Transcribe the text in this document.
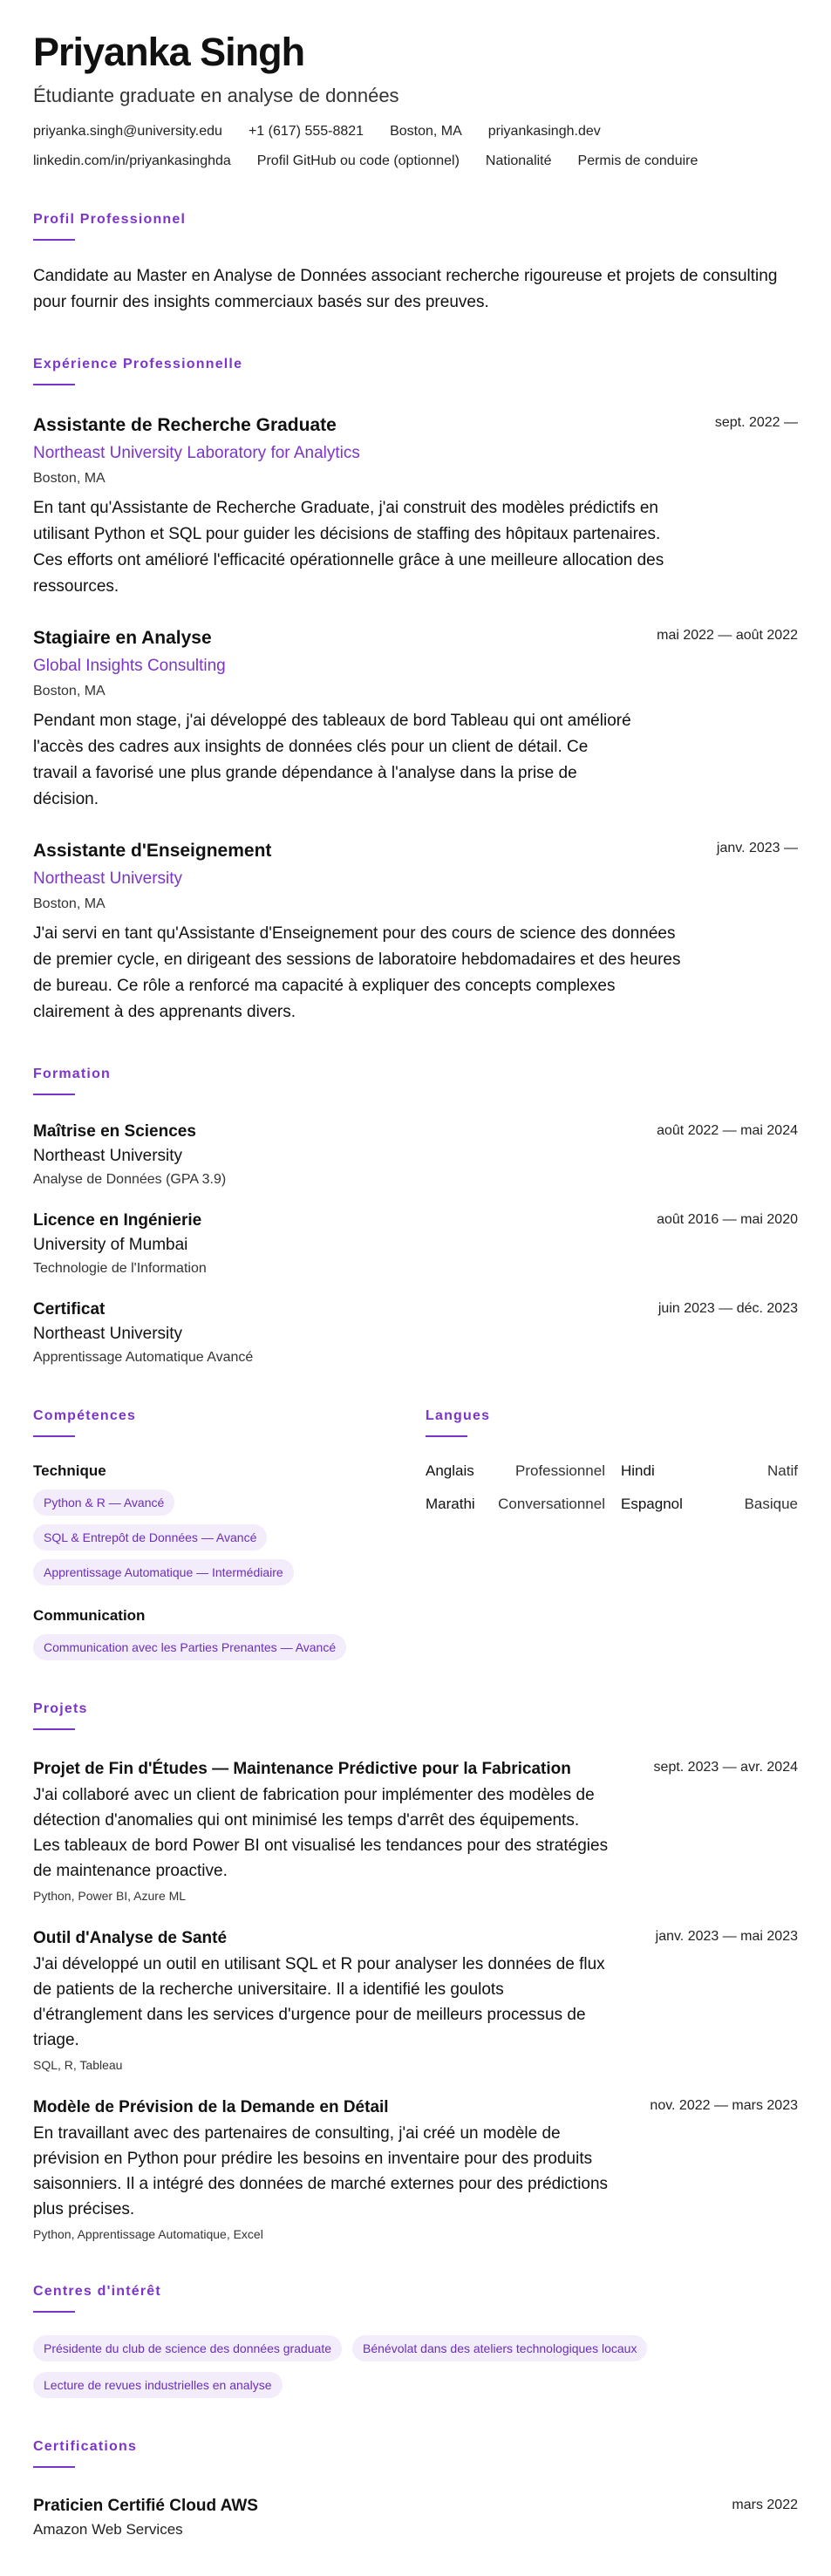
Priyanka Singh
Étudiante graduate en analyse de données
priyanka.singh@university.edu +1 (617) 555-8821 Boston, MA priyankasingh.dev
linkedin.com/in/priyankasinghda Profil GitHub ou code (optionnel) Nationalité Permis de conduire
Profil Professionnel
Candidate au Master en Analyse de Données associant recherche rigoureuse et projets de consulting pour fournir des insights commerciaux basés sur des preuves.
Expérience Professionnelle
sept. 2022 —
Assistante de Recherche Graduate
Northeast University Laboratory for Analytics
Boston, MA
En tant qu'Assistante de Recherche Graduate, j'ai construit des modèles prédictifs en utilisant Python et SQL pour guider les décisions de staffing des hôpitaux partenaires. Ces efforts ont amélioré l'efficacité opérationnelle grâce à une meilleure allocation des ressources.
mai 2022 — août 2022
Stagiaire en Analyse
Global Insights Consulting
Boston, MA
Pendant mon stage, j'ai développé des tableaux de bord Tableau qui ont amélioré l'accès des cadres aux insights de données clés pour un client de détail. Ce travail a favorisé une plus grande dépendance à l'analyse dans la prise de décision.
janv. 2023 —
Assistante d'Enseignement
Northeast University
Boston, MA
J'ai servi en tant qu'Assistante d'Enseignement pour des cours de science des données de premier cycle, en dirigeant des sessions de laboratoire hebdomadaires et des heures de bureau. Ce rôle a renforcé ma capacité à expliquer des concepts complexes clairement à des apprenants divers.
Formation
août 2022 — mai 2024
Maîtrise en Sciences
Northeast University
Analyse de Données (GPA 3.9)
août 2016 — mai 2020
Licence en Ingénierie
University of Mumbai
Technologie de l'Information
juin 2023 — déc. 2023
Certificat
Northeast University
Apprentissage Automatique Avancé
Compétences
Technique
Python & R — Avancé
SQL & Entrepôt de Données — Avancé
Apprentissage Automatique — Intermédiaire
Communication
Communication avec les Parties Prenantes — Avancé
Langues
Anglais	Professionnel	Hindi	Natif
Marathi	Conversationnel	Espagnol	Basique
Projets
sept. 2023 — avr. 2024
Projet de Fin d'Études — Maintenance Prédictive pour la Fabrication
J'ai collaboré avec un client de fabrication pour implémenter des modèles de détection d'anomalies qui ont minimisé les temps d'arrêt des équipements. Les tableaux de bord Power BI ont visualisé les tendances pour des stratégies de maintenance proactive.
Python, Power BI, Azure ML
janv. 2023 — mai 2023
Outil d'Analyse de Santé
J'ai développé un outil en utilisant SQL et R pour analyser les données de flux de patients de la recherche universitaire. Il a identifié les goulots d'étranglement dans les services d'urgence pour de meilleurs processus de triage.
SQL, R, Tableau
nov. 2022 — mars 2023
Modèle de Prévision de la Demande en Détail
En travaillant avec des partenaires de consulting, j'ai créé un modèle de prévision en Python pour prédire les besoins en inventaire pour des produits saisonniers. Il a intégré des données de marché externes pour des prédictions plus précises.
Python, Apprentissage Automatique, Excel
Centres d'intérêt
Présidente du club de science des données graduate	Bénévolat dans des ateliers technologiques locaux
Lecture de revues industrielles en analyse
Certifications
mars 2022
Praticien Certifié Cloud AWS
Amazon Web Services
